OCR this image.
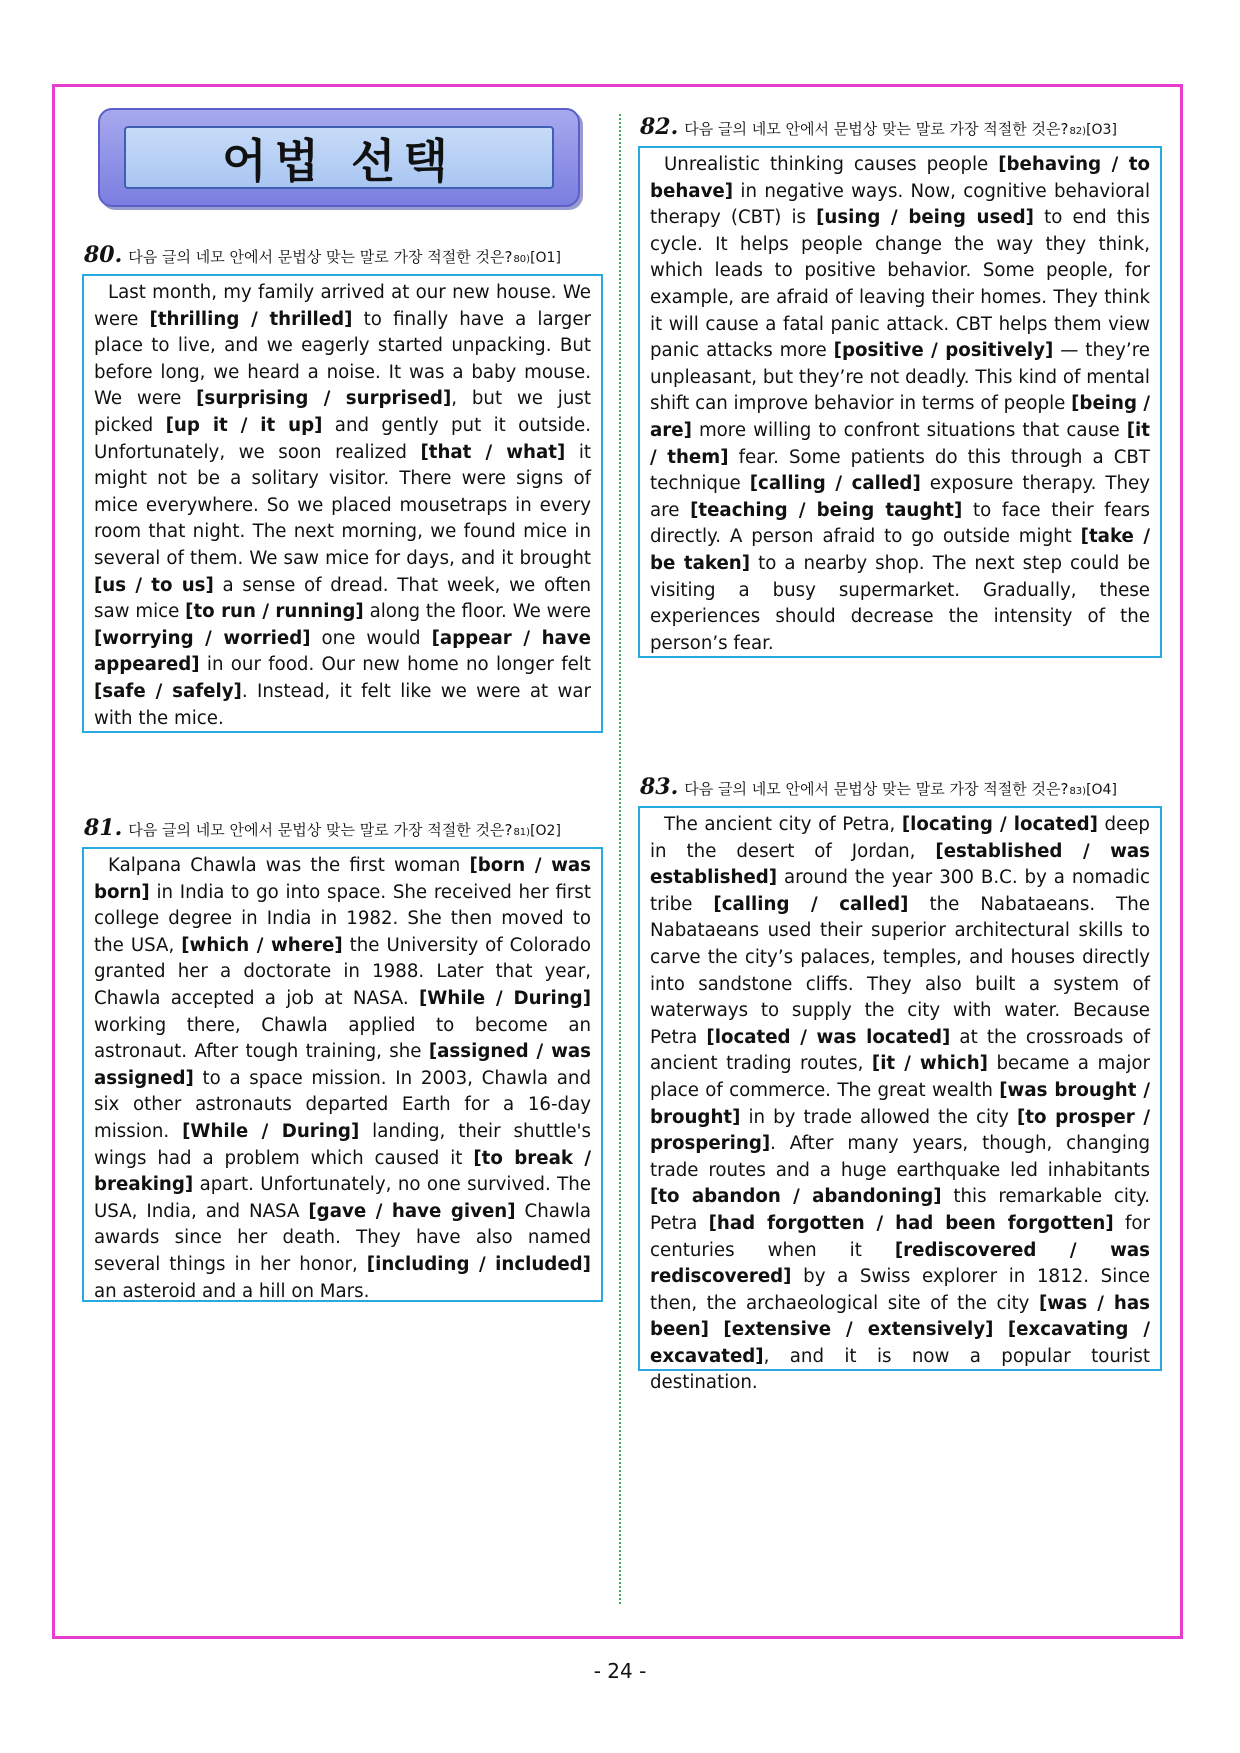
어법 선택
80. 다음 글의 네모 안에서 문법상 맞는 말로 가장 적절한 것은? 80) [O1]

Last month, my family arrived at our new house. We were [thrilling / thrilled] to finally have a larger place to live, and we eagerly started unpacking. But before long, we heard a noise. It was a baby mouse. We were [surprising / surprised], but we just picked [up it / it up] and gently put it outside. Unfortunately, we soon realized [that / what] it might not be a solitary visitor. There were signs of mice everywhere. So we placed mousetraps in every room that night. The next morning, we found mice in several of them. We saw mice for days, and it brought [us / to us] a sense of dread. That week, we often saw mice [to run / running] along the floor. We were [worrying / worried] one would [appear / have appeared] in our food. Our new home no longer felt [safe / safely]. Instead, it felt like we were at war with the mice.

81. 다음 글의 네모 안에서 문법상 맞는 말로 가장 적절한 것은? 81) [O2]

Kalpana Chawla was the first woman [born / was born] in India to go into space. She received her first college degree in India in 1982. She then moved to the USA, [which / where] the University of Colorado granted her a doctorate in 1988. Later that year, Chawla accepted a job at NASA. [While / During] working there, Chawla applied to become an astronaut. After tough training, she [assigned / was assigned] to a space mission. In 2003, Chawla and six other astronauts departed Earth for a 16-day mission. [While / During] landing, their shuttle's wings had a problem which caused it [to break / breaking] apart. Unfortunately, no one survived. The USA, India, and NASA [gave / have given] Chawla awards since her death. They have also named several things in her honor, [including / included] an asteroid and a hill on Mars.

82. 다음 글의 네모 안에서 문법상 맞는 말로 가장 적절한 것은? 82) [O3]

Unrealistic thinking causes people [behaving / to behave] in negative ways. Now, cognitive behavioral therapy (CBT) is [using / being used] to end this cycle. It helps people change the way they think, which leads to positive behavior. Some people, for example, are afraid of leaving their homes. They think it will cause a fatal panic attack. CBT helps them view panic attacks more [positive / positively] — they’re unpleasant, but they’re not deadly. This kind of mental shift can improve behavior in terms of people [being / are] more willing to confront situations that cause [it / them] fear. Some patients do this through a CBT technique [calling / called] exposure therapy. They are [teaching / being taught] to face their fears directly. A person afraid to go outside might [take / be taken] to a nearby shop. The next step could be visiting a busy supermarket. Gradually, these experiences should decrease the intensity of the person’s fear.

83. 다음 글의 네모 안에서 문법상 맞는 말로 가장 적절한 것은? 83) [O4]

The ancient city of Petra, [locating / located] deep in the desert of Jordan, [established / was established] around the year 300 B.C. by a nomadic tribe [calling / called] the Nabataeans. The Nabataeans used their superior architectural skills to carve the city’s palaces, temples, and houses directly into sandstone cliffs. They also built a system of waterways to supply the city with water. Because Petra [located / was located] at the crossroads of ancient trading routes, [it / which] became a major place of commerce. The great wealth [was brought / brought] in by trade allowed the city [to prosper / prospering]. After many years, though, changing trade routes and a huge earthquake led inhabitants [to abandon / abandoning] this remarkable city. Petra [had forgotten / had been forgotten] for centuries when it [rediscovered / was rediscovered] by a Swiss explorer in 1812. Since then, the archaeological site of the city [was / has been] [extensive / extensively] [excavating / excavated], and it is now a popular tourist destination.

- 24 -
